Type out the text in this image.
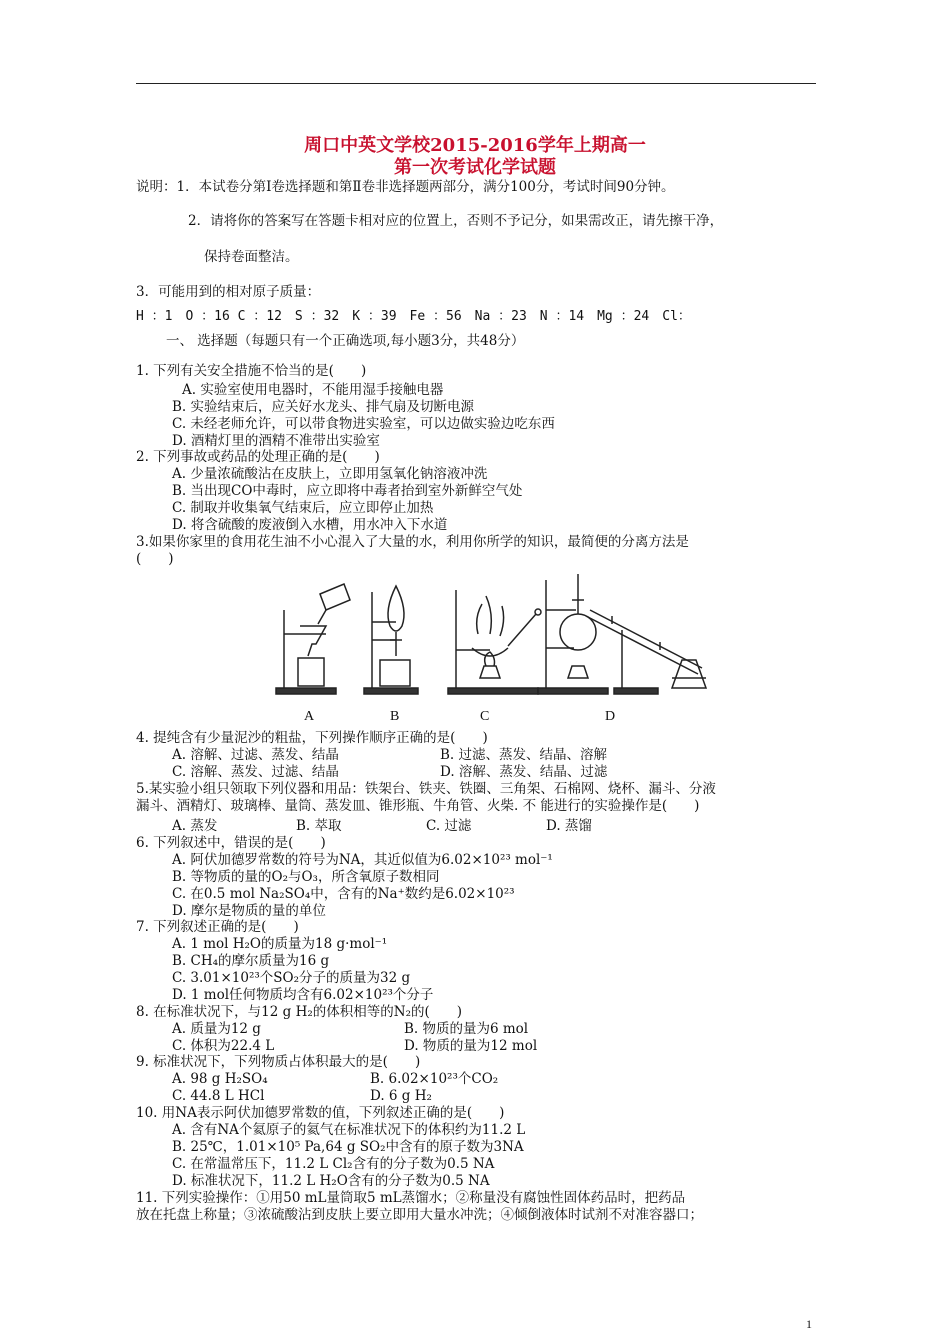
周口中英文学校2015-2016学年上期高一
第一次考试化学试题
说明：1．本试卷分第Ⅰ卷选择题和第Ⅱ卷非选择题两部分，满分100分，考试时间90分钟。
2．请将你的答案写在答题卡相对应的位置上，否则不予记分，如果需改正，请先擦干净，
保持卷面整洁。
3．可能用到的相对原子质量：
H ：1　O ：16 C ：12　S ：32　K ：39　Fe ：56　Na ：23　N ：14　Mg ：24　Cl：
一、 选择题（每题只有一个正确选项,每小题3分，共48分）
1. 下列有关安全措施不恰当的是(　　)
A. 实验室使用电器时，不能用湿手接触电器
B. 实验结束后，应关好水龙头、排气扇及切断电源
C. 未经老师允许，可以带食物进实验室，可以边做实验边吃东西
D. 酒精灯里的酒精不准带出实验室
2. 下列事故或药品的处理正确的是(　　)
A. 少量浓硫酸沾在皮肤上，立即用氢氧化钠溶液冲洗
B. 当出现CO中毒时，应立即将中毒者抬到室外新鲜空气处
C. 制取并收集氧气结束后，应立即停止加热
D. 将含硫酸的废液倒入水槽，用水冲入下水道
3.如果你家里的食用花生油不小心混入了大量的水，利用你所学的知识，最简便的分离方法是
(　　)
A	B	C	D
4. 提纯含有少量泥沙的粗盐，下列操作顺序正确的是(　　)
A. 溶解、过滤、蒸发、结晶	B. 过滤、蒸发、结晶、溶解
C. 溶解、蒸发、过滤、结晶	D. 溶解、蒸发、结晶、过滤
5.某实验小组只领取下列仪器和用品：铁架台、铁夹、铁圈、三角架、石棉网、烧杯、漏斗、分液
漏斗、酒精灯、玻璃棒、量筒、蒸发皿、锥形瓶、牛角管、火柴. 不 能进行的实验操作是(　　)
A. 蒸发	B. 萃取	C. 过滤	D. 蒸馏
6. 下列叙述中，错误的是(　　)
A. 阿伏加德罗常数的符号为NA，其近似值为6.02×10²³ mol⁻¹
B. 等物质的量的O₂与O₃，所含氧原子数相同
C. 在0.5 mol Na₂SO₄中，含有的Na⁺数约是6.02×10²³
D. 摩尔是物质的量的单位
7. 下列叙述正确的是(　　)
A. 1 mol H₂O的质量为18 g·mol⁻¹
B. CH₄的摩尔质量为16 g
C. 3.01×10²³个SO₂分子的质量为32 g
D. 1 mol任何物质均含有6.02×10²³个分子
8. 在标准状况下，与12 g H₂的体积相等的N₂的(　　)
A. 质量为12 g	B. 物质的量为6 mol
C. 体积为22.4 L	D. 物质的量为12 mol
9. 标准状况下，下列物质占体积最大的是(　　)
A. 98 g H₂SO₄	B. 6.02×10²³个CO₂
C. 44.8 L HCl	D. 6 g H₂
10. 用NA表示阿伏加德罗常数的值，下列叙述正确的是(　　)
A. 含有NA个氦原子的氦气在标准状况下的体积约为11.2 L
B. 25℃，1.01×10⁵ Pa,64 g SO₂中含有的原子数为3NA
C. 在常温常压下，11.2 L Cl₂含有的分子数为0.5 NA
D. 标准状况下，11.2 L H₂O含有的分子数为0.5 NA
11. 下列实验操作：①用50 mL量筒取5 mL蒸馏水；②称量没有腐蚀性固体药品时，把药品
放在托盘上称量；③浓硫酸沾到皮肤上要立即用大量水冲洗；④倾倒液体时试剂不对准容器口；
1
